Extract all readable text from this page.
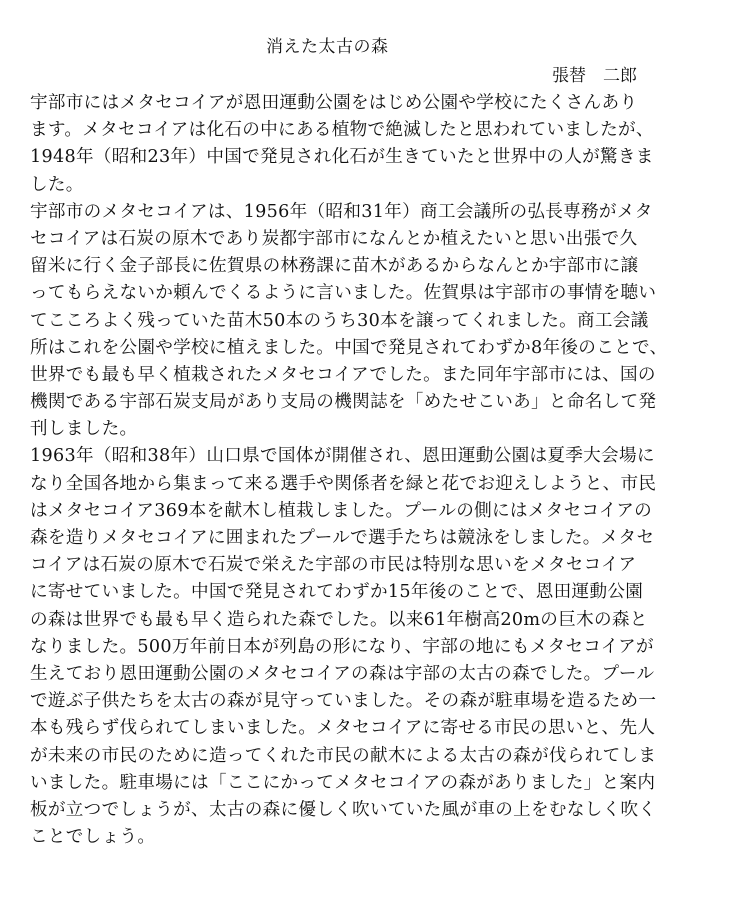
消えた太古の森
張替　二郎
宇部市にはメタセコイアが恩田運動公園をはじめ公園や学校にたくさんあり
ます。メタセコイアは化石の中にある植物で絶滅したと思われていましたが、
1948年（昭和23年）中国で発見され化石が生きていたと世界中の人が驚きま
した。
宇部市のメタセコイアは、1956年（昭和31年）商工会議所の弘長専務がメタ
セコイアは石炭の原木であり炭都宇部市になんとか植えたいと思い出張で久
留米に行く金子部長に佐賀県の林務課に苗木があるからなんとか宇部市に譲
ってもらえないか頼んでくるように言いました。佐賀県は宇部市の事情を聴い
てこころよく残っていた苗木50本のうち30本を譲ってくれました。商工会議
所はこれを公園や学校に植えました。中国で発見されてわずか8年後のことで、
世界でも最も早く植栽されたメタセコイアでした。また同年宇部市には、国の
機関である宇部石炭支局があり支局の機関誌を「めたせこいあ」と命名して発
刊しました。
1963年（昭和38年）山口県で国体が開催され、恩田運動公園は夏季大会場に
なり全国各地から集まって来る選手や関係者を緑と花でお迎えしようと、市民
はメタセコイア369本を献木し植栽しました。プールの側にはメタセコイアの
森を造りメタセコイアに囲まれたプールで選手たちは競泳をしました。メタセ
コイアは石炭の原木で石炭で栄えた宇部の市民は特別な思いをメタセコイア
に寄せていました。中国で発見されてわずか15年後のことで、恩田運動公園
の森は世界でも最も早く造られた森でした。以来61年樹高20mの巨木の森と
なりました。500万年前日本が列島の形になり、宇部の地にもメタセコイアが
生えており恩田運動公園のメタセコイアの森は宇部の太古の森でした。プール
で遊ぶ子供たちを太古の森が見守っていました。その森が駐車場を造るため一
本も残らず伐られてしまいました。メタセコイアに寄せる市民の思いと、先人
が未来の市民のために造ってくれた市民の献木による太古の森が伐られてしま
いました。駐車場には「ここにかってメタセコイアの森がありました」と案内
板が立つでしょうが、太古の森に優しく吹いていた風が車の上をむなしく吹く
ことでしょう。
